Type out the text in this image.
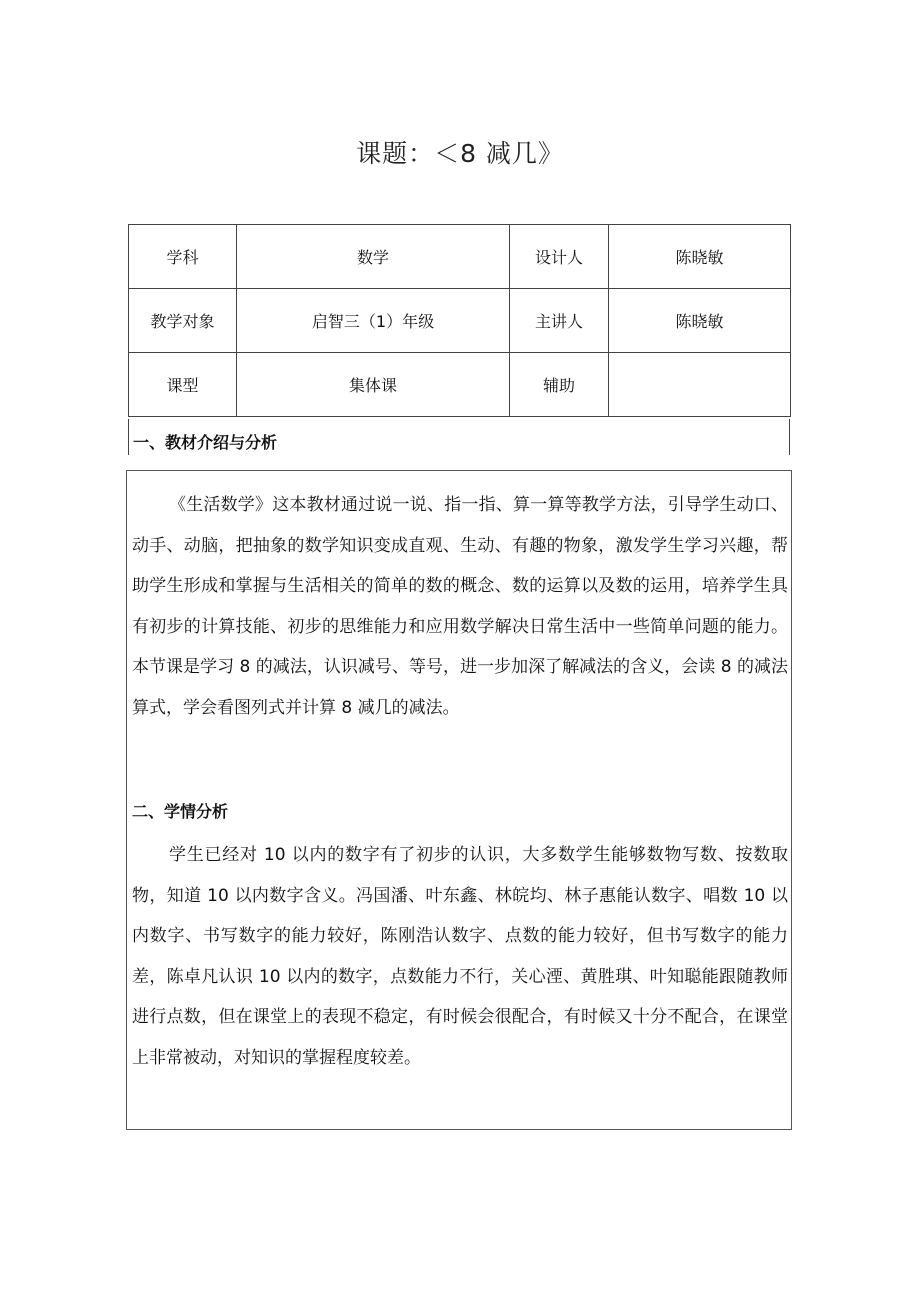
课题：＜8 减几》
学科	数学	设计人	陈晓敏
教学对象	启智三（1）年级	主讲人	陈晓敏
课型	集体课	辅助	
一、教材介绍与分析

《生活数学》这本教材通过说一说、指一指、算一算等教学方法，引导学生动口、动手、动脑，把抽象的数学知识变成直观、生动、有趣的物象，激发学生学习兴趣，帮助学生形成和掌握与生活相关的简单的数的概念、数的运算以及数的运用，培养学生具有初步的计算技能、初步的思维能力和应用数学解决日常生活中一些简单问题的能力。本节课是学习 8 的减法，认识减号、等号，进一步加深了解减法的含义，会读 8 的减法算式，学会看图列式并计算 8 减几的减法。

二、学情分析

学生已经对 10 以内的数字有了初步的认识，大多数学生能够数物写数、按数取物，知道 10 以内数字含义。冯国潘、叶东鑫、林皖均、林子惠能认数字、唱数 10 以内数字、书写数字的能力较好，陈刚浩认数字、点数的能力较好，但书写数字的能力差，陈卓凡认识 10 以内的数字，点数能力不行，关心湮、黄胜琪、叶知聪能跟随教师进行点数，但在课堂上的表现不稳定，有时候会很配合，有时候又十分不配合，在课堂上非常被动，对知识的掌握程度较差。
